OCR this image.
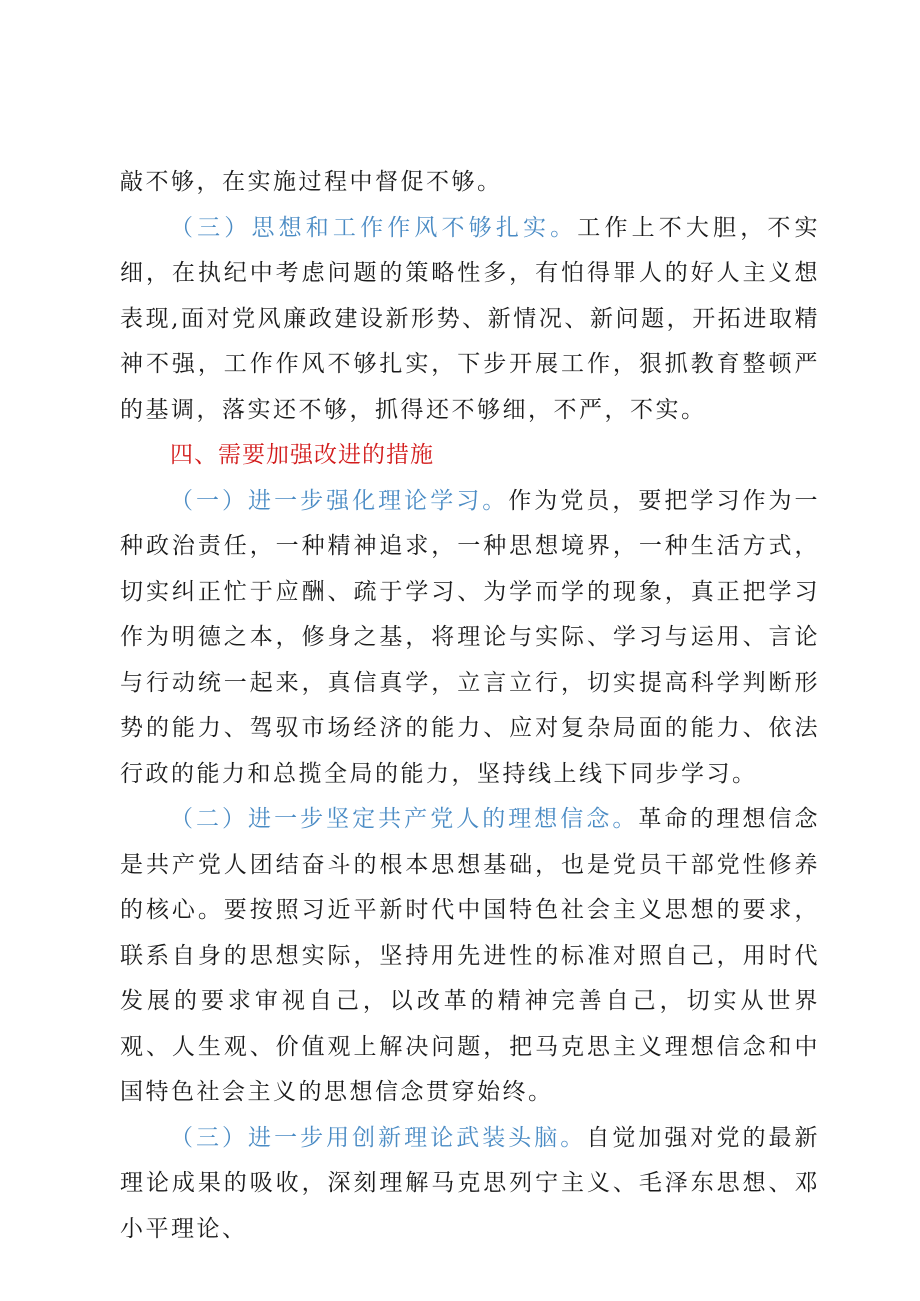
敲不够，在实施过程中督促不够。

（三）思想和工作作风不够扎实。工作上不大胆，不实细，在执纪中考虑问题的策略性多，有怕得罪人的好人主义想表现,面对党风廉政建设新形势、新情况、新问题，开拓进取精神不强，工作作风不够扎实，下步开展工作，狠抓教育整顿严的基调，落实还不够，抓得还不够细，不严，不实。

四、需要加强改进的措施

（一）进一步强化理论学习。作为党员，要把学习作为一种政治责任，一种精神追求，一种思想境界，一种生活方式，切实纠正忙于应酬、疏于学习、为学而学的现象，真正把学习作为明德之本，修身之基，将理论与实际、学习与运用、言论与行动统一起来，真信真学，立言立行，切实提高科学判断形势的能力、驾驭市场经济的能力、应对复杂局面的能力、依法行政的能力和总揽全局的能力，坚持线上线下同步学习。

（二）进一步坚定共产党人的理想信念。革命的理想信念是共产党人团结奋斗的根本思想基础，也是党员干部党性修养的核心。要按照习近平新时代中国特色社会主义思想的要求，联系自身的思想实际，坚持用先进性的标准对照自己，用时代发展的要求审视自己，以改革的精神完善自己，切实从世界观、人生观、价值观上解决问题，把马克思主义理想信念和中国特色社会主义的思想信念贯穿始终。

（三）进一步用创新理论武装头脑。自觉加强对党的最新理论成果的吸收，深刻理解马克思列宁主义、毛泽东思想、邓小平理论、
